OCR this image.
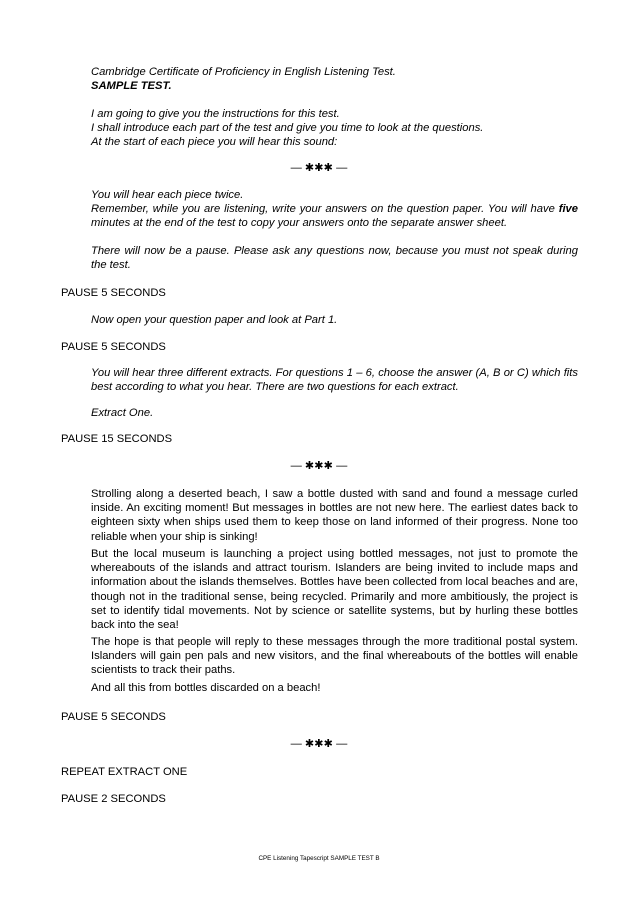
Cambridge Certificate of Proficiency in English Listening Test.

SAMPLE TEST.

I am going to give you the instructions for this test.

I shall introduce each part of the test and give you time to look at the questions.

At the start of each piece you will hear this sound:

— ✱✱✱ —

You will hear each piece twice.

Remember, while you are listening, write your answers on the question paper. You will have five minutes at the end of the test to copy your answers onto the separate answer sheet.

There will now be a pause. Please ask any questions now, because you must not speak during the test.

PAUSE 5 SECONDS

Now open your question paper and look at Part 1.

PAUSE 5 SECONDS

You will hear three different extracts. For questions 1 – 6, choose the answer (A, B or C) which fits best according to what you hear. There are two questions for each extract.

Extract One.

PAUSE 15 SECONDS

— ✱✱✱ —

Strolling along a deserted beach, I saw a bottle dusted with sand and found a message curled inside. An exciting moment! But messages in bottles are not new here. The earliest dates back to eighteen sixty when ships used them to keep those on land informed of their progress. None too reliable when your ship is sinking!

But the local museum is launching a project using bottled messages, not just to promote the whereabouts of the islands and attract tourism. Islanders are being invited to include maps and information about the islands themselves. Bottles have been collected from local beaches and are, though not in the traditional sense, being recycled. Primarily and more ambitiously, the project is set to identify tidal movements. Not by science or satellite systems, but by hurling these bottles back into the sea!

The hope is that people will reply to these messages through the more traditional postal system. Islanders will gain pen pals and new visitors, and the final whereabouts of the bottles will enable scientists to track their paths.

And all this from bottles discarded on a beach!

PAUSE 5 SECONDS

— ✱✱✱ —

REPEAT EXTRACT ONE

PAUSE 2 SECONDS

CPE Listening Tapescript SAMPLE TEST B
